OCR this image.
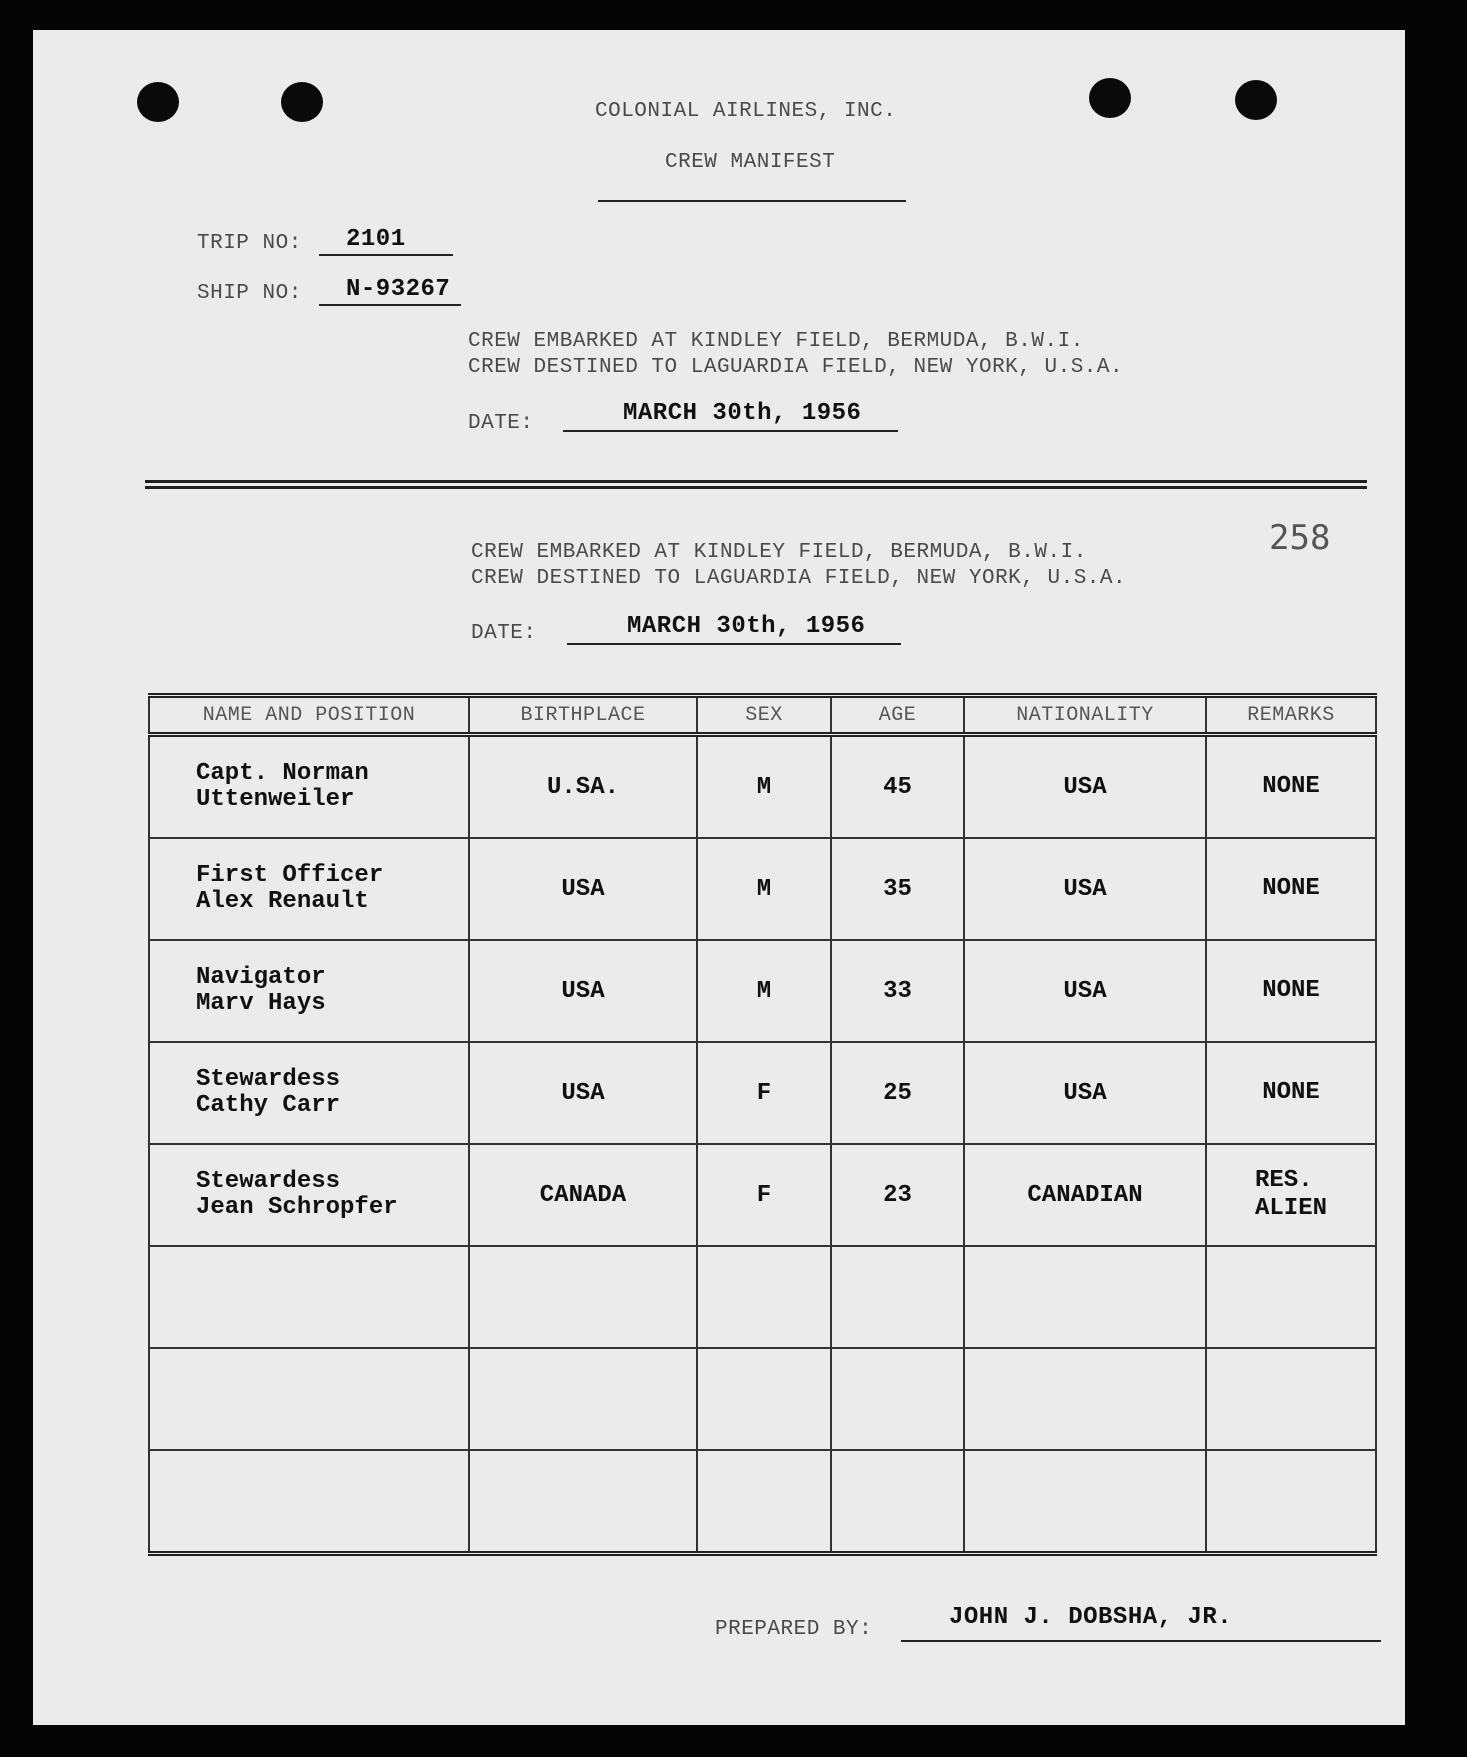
COLONIAL AIRLINES, INC.
CREW MANIFEST
TRIP NO: 2101
SHIP NO: N-93267
CREW EMBARKED AT KINDLEY FIELD, BERMUDA, B.W.I.
CREW DESTINED TO LAGUARDIA FIELD, NEW YORK, U.S.A.
DATE:	MARCH 30th, 1956
258
CREW EMBARKED AT KINDLEY FIELD, BERMUDA, B.W.I.
CREW DESTINED TO LAGUARDIA FIELD, NEW YORK, U.S.A.
DATE:	MARCH 30th, 1956
NAME AND POSITION	BIRTHPLACE	SEX	AGE	NATIONALITY	REMARKS
Capt. Norman
Uttenweiler	U.SA.	M	45	USA	NONE

First Officer
Alex Renault	USA	M	35	USA	NONE

Navigator
Marv Hays	USA	M	33	USA	NONE

Stewardess
Cathy Carr	USA	F	25	USA	NONE

Stewardess
Jean Schropfer	CANADA	F	23	CANADIAN	RES.
ALIEN

PREPARED BY:	JOHN J. DOBSHA, JR.
